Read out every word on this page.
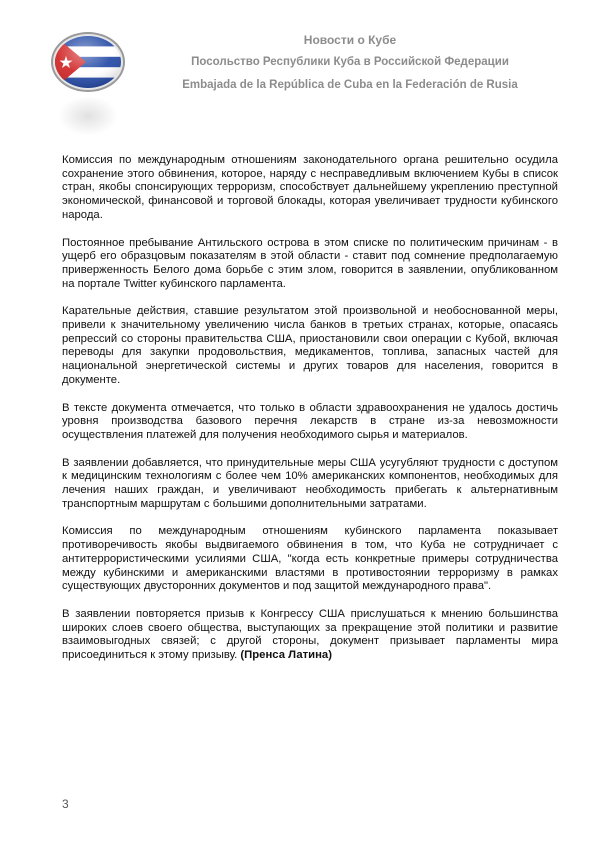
Новости о Кубе
Посольство Республики Куба в Российской Федерации
Embajada de la República de Cuba en la Federación de Rusia

Комиссия по международным отношениям законодательного органа решительно осудила сохранение этого обвинения, которое, наряду с несправедливым включением Кубы в список стран, якобы спонсирующих терроризм, способствует дальнейшему укреплению преступной экономической, финансовой и торговой блокады, которая увеличивает трудности кубинского народа.

Постоянное пребывание Антильского острова в этом списке по политическим причинам - в ущерб его образцовым показателям в этой области - ставит под сомнение предполагаемую приверженность Белого дома борьбе с этим злом, говорится в заявлении, опубликованном на портале Twitter кубинского парламента.

Карательные действия, ставшие результатом этой произвольной и необоснованной меры, привели к значительному увеличению числа банков в третьих странах, которые, опасаясь репрессий со стороны правительства США, приостановили свои операции с Кубой, включая переводы для закупки продовольствия, медикаментов, топлива, запасных частей для национальной энергетической системы и других товаров для населения, говорится в документе.

В тексте документа отмечается, что только в области здравоохранения не удалось достичь уровня производства базового перечня лекарств в стране из-за невозможности осуществления платежей для получения необходимого сырья и материалов.

В заявлении добавляется, что принудительные меры США усугубляют трудности с доступом к медицинским технологиям с более чем 10% американских компонентов, необходимых для лечения наших граждан, и увеличивают необходимость прибегать к альтернативным транспортным маршрутам с большими дополнительными затратами.

Комиссия по международным отношениям кубинского парламента показывает противоречивость якобы выдвигаемого обвинения в том, что Куба не сотрудничает с антитеррористическими усилиями США, "когда есть конкретные примеры сотрудничества между кубинскими и американскими властями в противостоянии терроризму в рамках существующих двусторонних документов и под защитой международного права".

В заявлении повторяется призыв к Конгрессу США прислушаться к мнению большинства широких слоев своего общества, выступающих за прекращение этой политики и развитие взаимовыгодных связей; с другой стороны, документ призывает парламенты мира присоединиться к этому призыву. (Пренса Латина)

3
